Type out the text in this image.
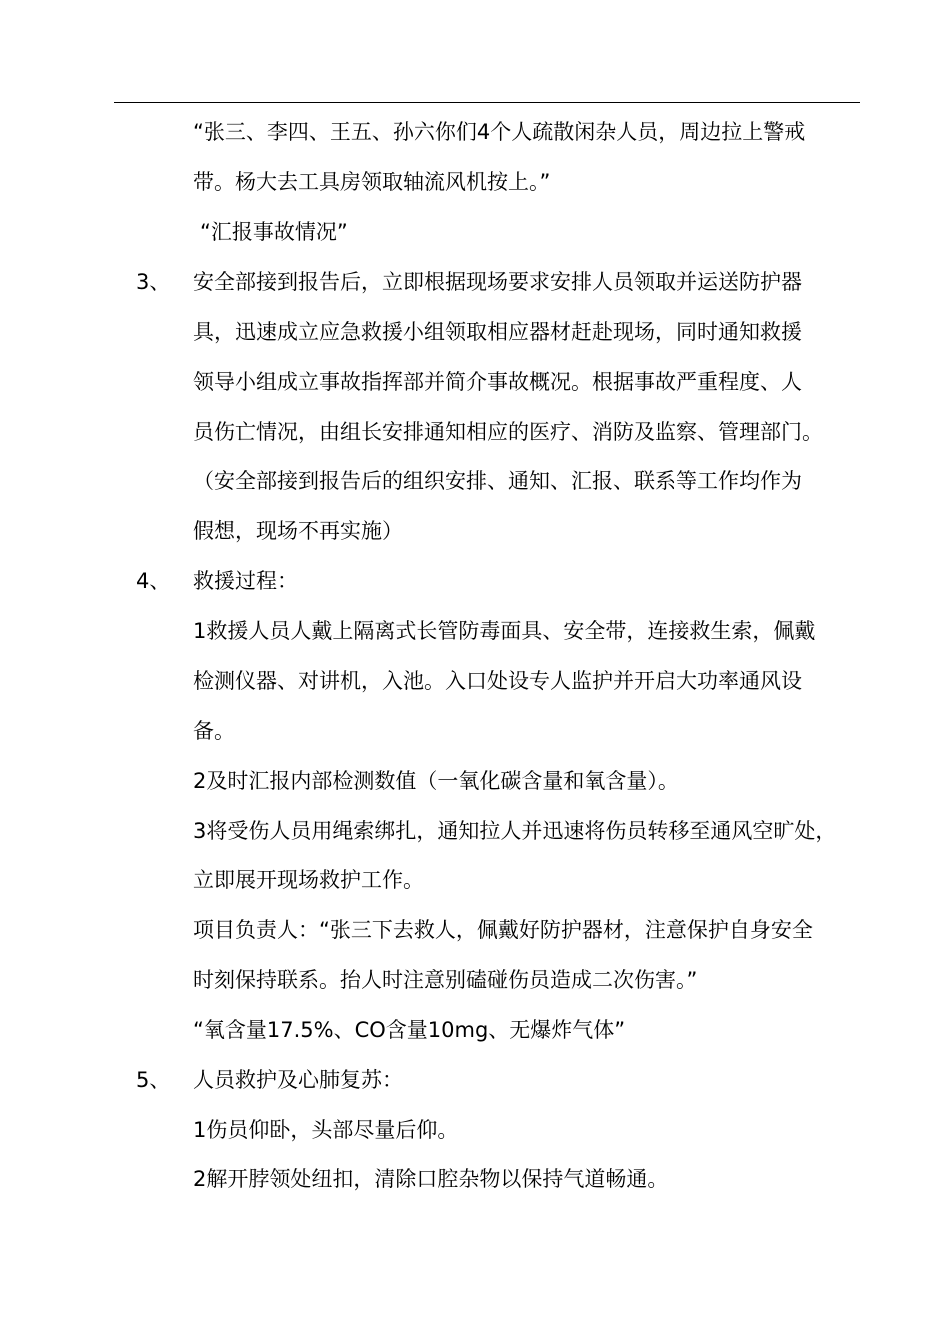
“张三、李四、王五、孙六你们4个人疏散闲杂人员，周边拉上警戒
带。杨大去工具房领取轴流风机按上。”
“汇报事故情况”
3、 安全部接到报告后，立即根据现场要求安排人员领取并运送防护器
具，迅速成立应急救援小组领取相应器材赶赴现场，同时通知救援
领导小组成立事故指挥部并简介事故概况。根据事故严重程度、人
员伤亡情况，由组长安排通知相应的医疗、消防及监察、管理部门。
（安全部接到报告后的组织安排、通知、汇报、联系等工作均作为
假想，现场不再实施）
4、 救援过程：
1救援人员人戴上隔离式长管防毒面具、安全带，连接救生索，佩戴
检测仪器、对讲机，入池。入口处设专人监护并开启大功率通风设
备。
2及时汇报内部检测数值（一氧化碳含量和氧含量）。
3将受伤人员用绳索绑扎，通知拉人并迅速将伤员转移至通风空旷处，
立即展开现场救护工作。
项目负责人：“张三下去救人，佩戴好防护器材，注意保护自身安全
时刻保持联系。抬人时注意别磕碰伤员造成二次伤害。”
“氧含量17.5%、CO含量10mg、无爆炸气体”
5、 人员救护及心肺复苏：
1伤员仰卧，头部尽量后仰。
2解开脖领处纽扣，清除口腔杂物以保持气道畅通。
